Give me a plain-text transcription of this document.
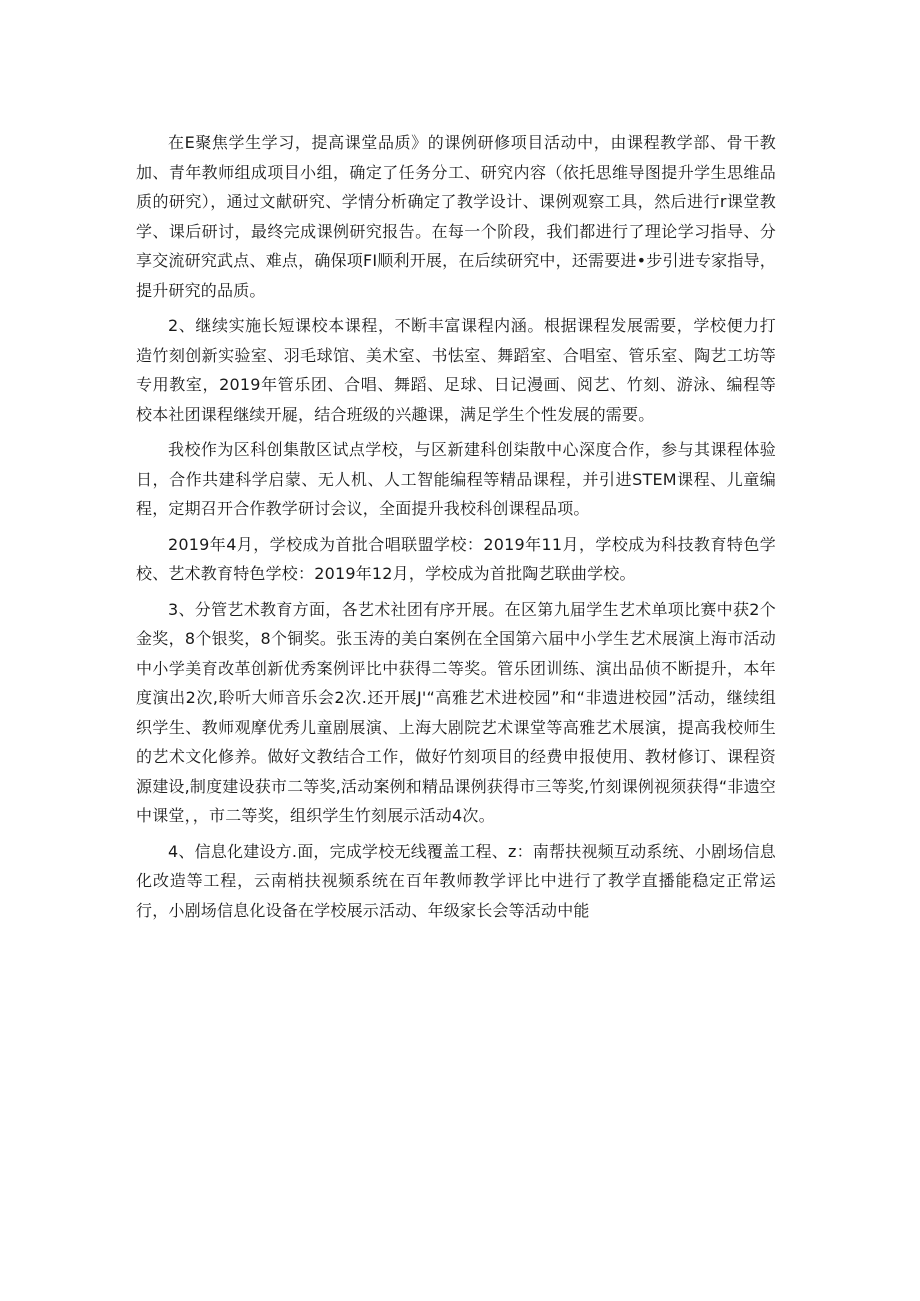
在E聚焦学生学习，提高课堂品质》的课例研修项目活动中，由课程教学部、骨干教加、青年教师组成项目小组，确定了任务分工、研究内容（依托思维导图提升学生思维品质的研究），通过文献研究、学情分析确定了教学设计、课例观察工具，然后进行r课堂教学、课后研讨，最终完成课例研究报告。在每一个阶段，我们都进行了理论学习指导、分享交流研究武点、难点，确保项FI顺利开展，在后续研究中，还需要进•步引进专家指导，提升研究的品质。

2、继续实施长短课校本课程，不断丰富课程内涵。根据课程发展需要，学校便力打造竹刻创新实验室、羽毛球馆、美术室、书怯室、舞蹈室、合唱室、管乐室、陶艺工坊等专用教室，2019年管乐团、合唱、舞蹈、足球、日记漫画、阅艺、竹刻、游泳、编程等校本社团课程继续开屣，结合班级的兴趣课，满足学生个性发展的需要。

我校作为区科创集散区试点学校，与区新建科创柒散中心深度合作，参与其课程体验日，合作共建科学启蒙、无人机、人工智能编程等精品课程，并引进STEM课程、儿童编程，定期召开合作教学研讨会议，全面提升我校科创课程品项。

2019年4月，学校成为首批合唱联盟学校：2019年11月，学校成为科技教育特色学校、艺术教育特色学校：2019年12月，学校成为首批陶艺联曲学校。

3、分管艺术教育方面，各艺术社团有序开展。在区第九届学生艺术单项比赛中获2个金奖，8个银奖，8个铜奖。张玉涛的美白案例在全国第六届中小学生艺术展演上海市活动中小学美育改革创新优秀案例评比中获得二等奖。管乐团训练、演出品侦不断提升，本年度演出2次,聆听大师音乐会2次.还开展J'“高雅艺术进校园”和“非遗进校园”活动，继续组织学生、教师观摩优秀儿童剧展演、上海大剧院艺术课堂等高雅艺术展演，提高我校师生的艺术文化修养。做好文教结合工作，做好竹刻项目的经费申报使用、教材修订、课程资源建设,制度建设获市二等奖,活动案例和精品课例获得市三等奖,竹刻课例视须获得“非遗空中课堂，，市二等奖，组织学生竹刻展示活动4次。

4、信息化建设方.面，完成学校无线覆盖工程、z：南帮扶视频互动系统、小剧场信息化改造等工程，云南梢扶视频系统在百年教师教学评比中进行了教学直播能稳定正常运行，小剧场信息化设备在学校展示活动、年级家长会等活动中能
